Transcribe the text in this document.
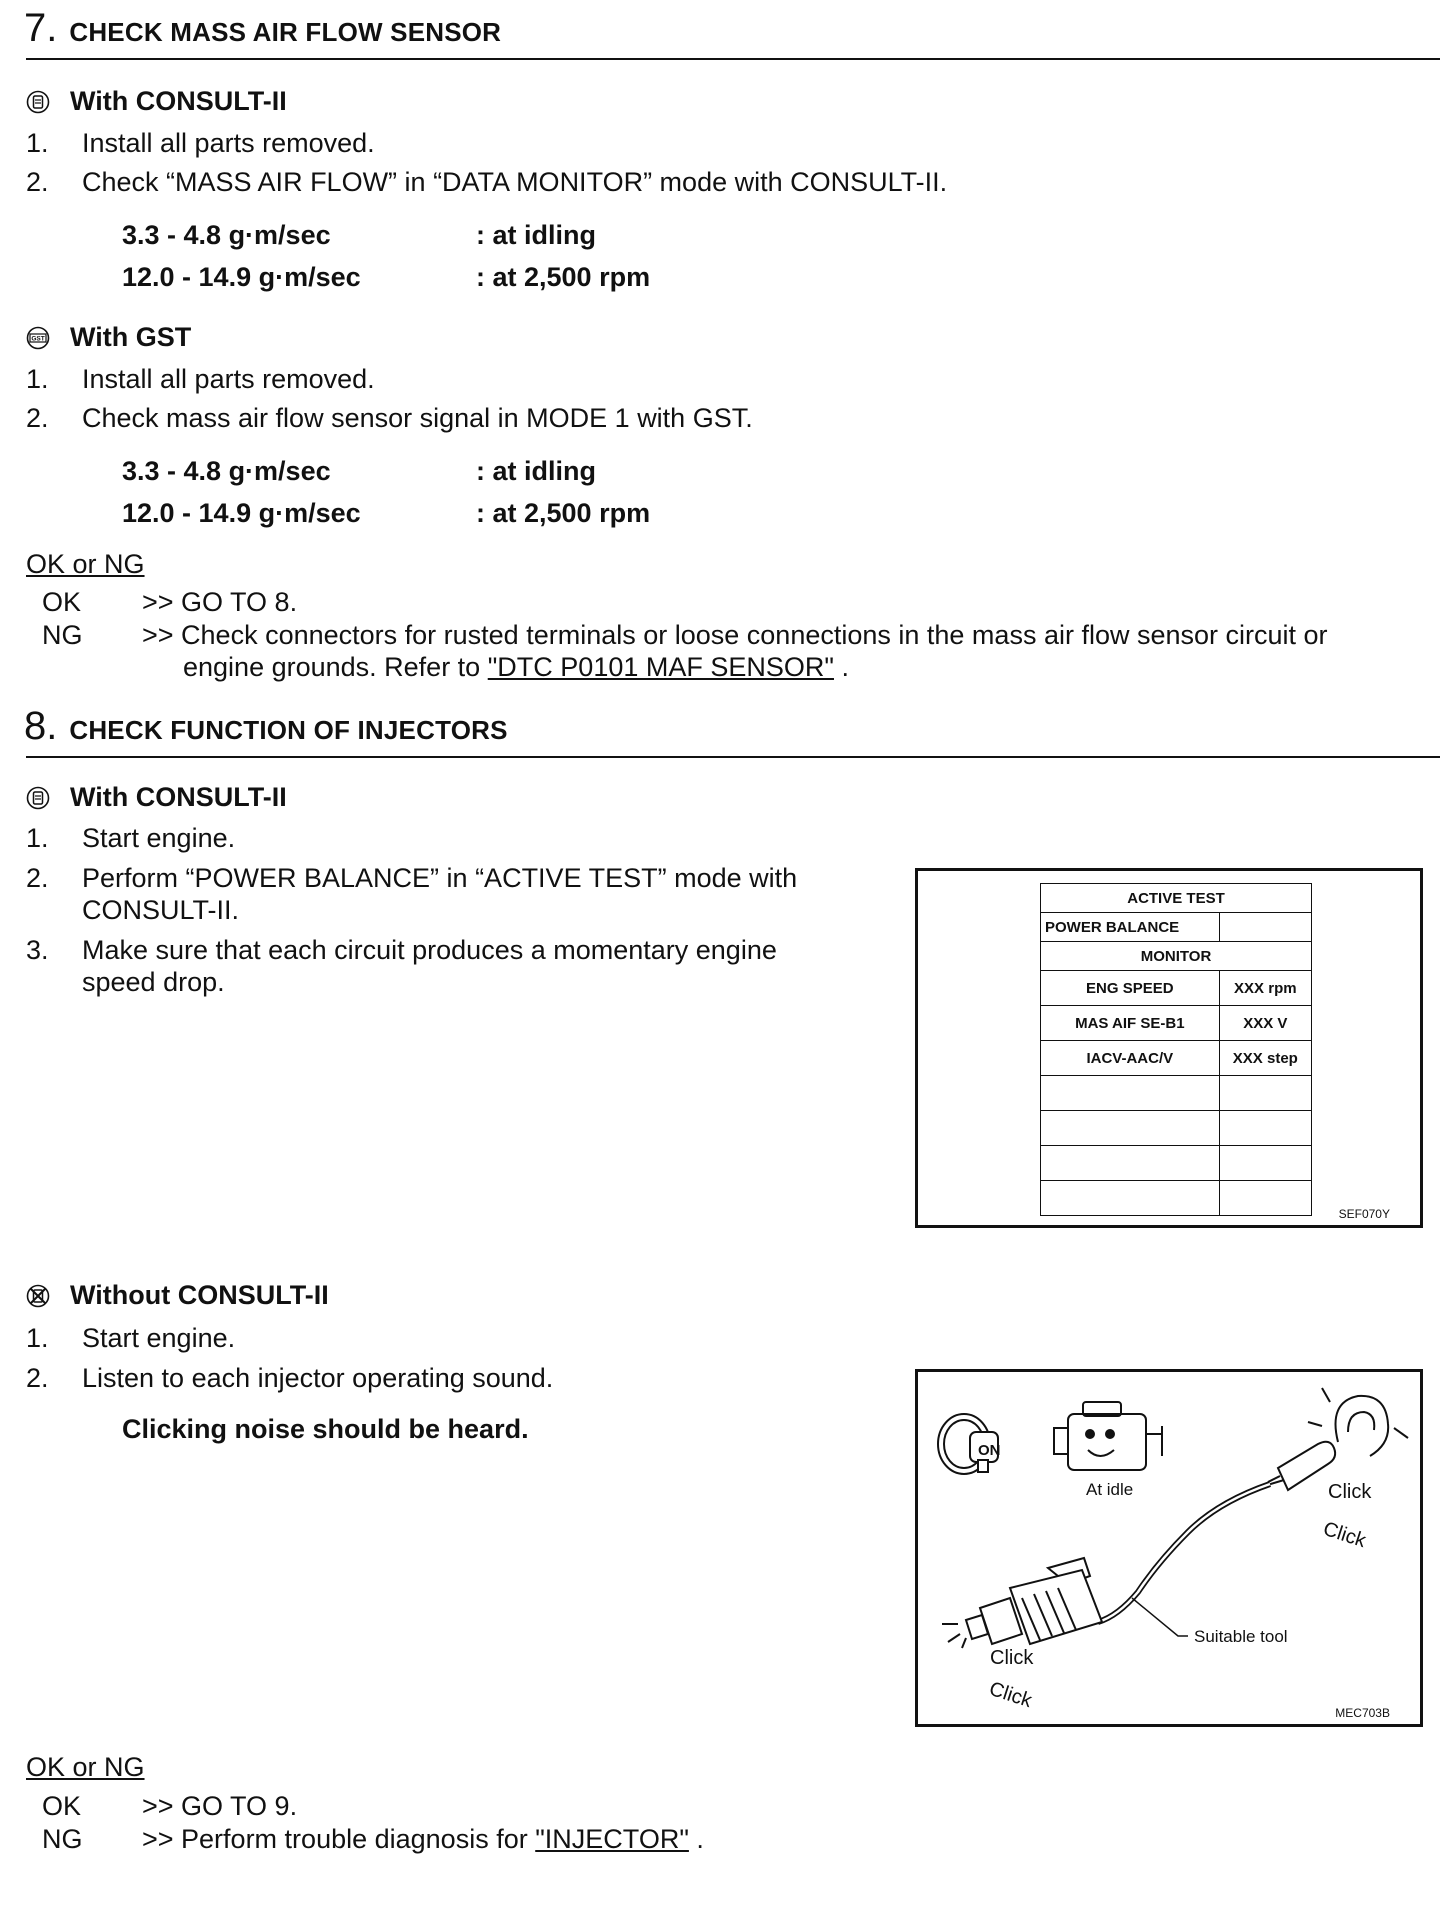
7. CHECK MASS AIR FLOW SENSOR
With CONSULT-II
1.	Install all parts removed.
2.	Check “MASS AIR FLOW” in “DATA MONITOR” mode with CONSULT-II.
3.3 - 4.8 g·m/sec	: at idling
12.0 - 14.9 g·m/sec	: at 2,500 rpm
GST With GST
1.	Install all parts removed.
2.	Check mass air flow sensor signal in MODE 1 with GST.
3.3 - 4.8 g·m/sec	: at idling
12.0 - 14.9 g·m/sec	: at 2,500 rpm
OK or NG
OK >> GO TO 8.
NG >> Check connectors for rusted terminals or loose connections in the mass air flow sensor circuit or
engine grounds. Refer to "DTC P0101 MAF SENSOR" .
8. CHECK FUNCTION OF INJECTORS
With CONSULT-II
1.	Start engine.
2.	Perform “POWER BALANCE” in “ACTIVE TEST” mode with
CONSULT-II.
3.	Make sure that each circuit produces a momentary engine
speed drop.
ACTIVE TEST	
POWER BALANCE	
MONITOR	
ENG SPEED	XXX rpm
MAS AIF SE-B1	XXX V
IACV-AAC/V	XXX step

SEF070Y
Without CONSULT-II
1.	Start engine.
2.	Listen to each injector operating sound.
Clicking noise should be heard.
ON
At idle	Click
Click
Click
Click
Suitable tool
MEC703B
OK or NG
OK >> GO TO 9.
NG >> Perform trouble diagnosis for "INJECTOR" .
